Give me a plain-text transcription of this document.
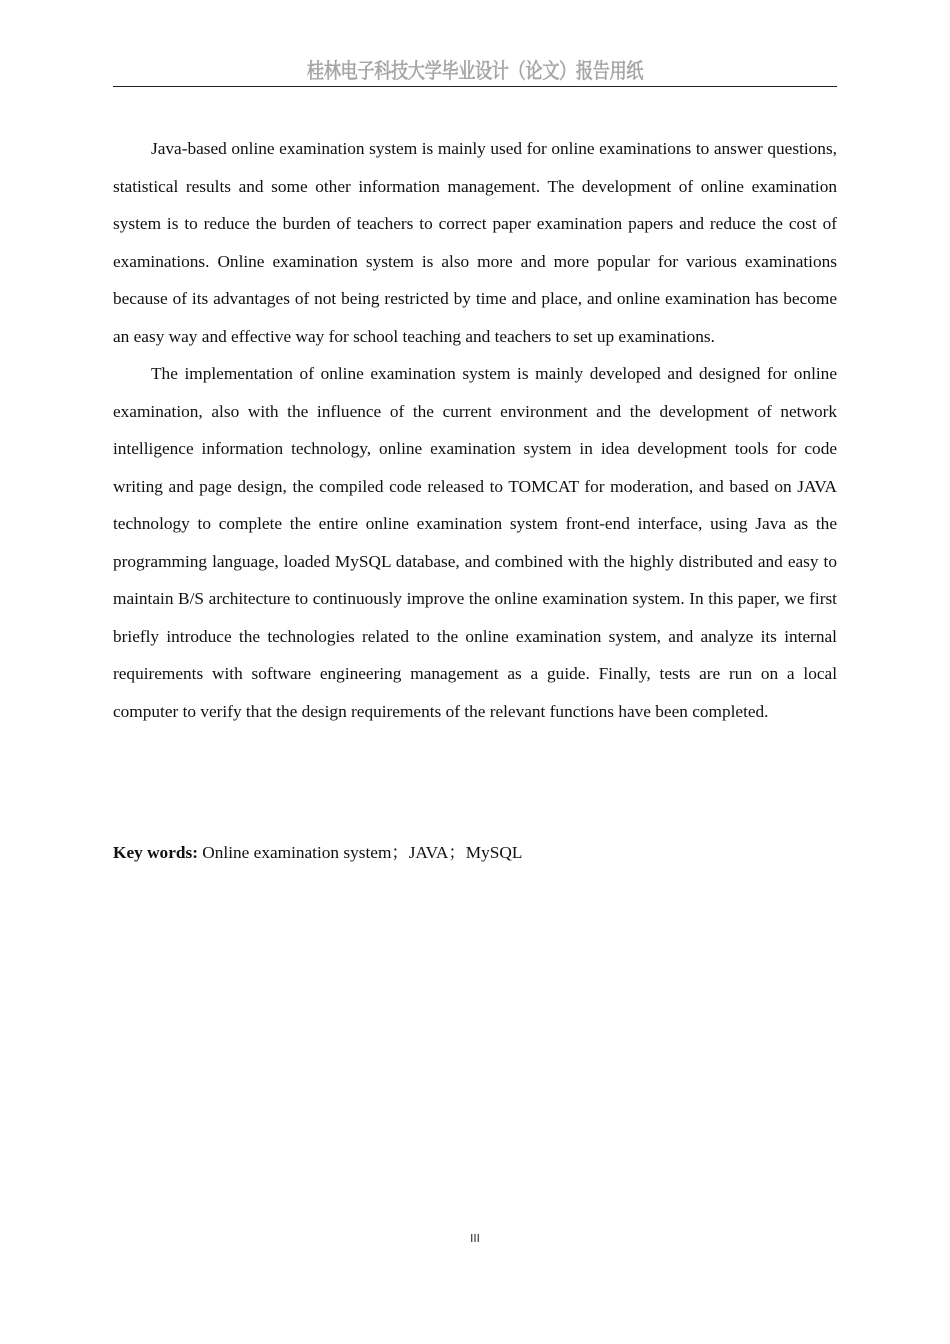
桂林电子科技大学毕业设计（论文）报告用纸

Java-based online examination system is mainly used for online examinations to answer questions, statistical results and some other information management. The development of online examination system is to reduce the burden of teachers to correct paper examination papers and reduce the cost of examinations. Online examination system is also more and more popular for various examinations because of its advantages of not being restricted by time and place, and online examination has become an easy way and effective way for school teaching and teachers to set up examinations.

The implementation of online examination system is mainly developed and designed for online examination, also with the influence of the current environment and the development of network intelligence information technology, online examination system in idea development tools for code writing and page design, the compiled code released to TOMCAT for moderation, and based on JAVA technology to complete the entire online examination system front-end interface, using Java as the programming language, loaded MySQL database, and combined with the highly distributed and easy to maintain B/S architecture to continuously improve the online examination system. In this paper, we first briefly introduce the technologies related to the online examination system, and analyze its internal requirements with software engineering management as a guide. Finally, tests are run on a local computer to verify that the design requirements of the relevant functions have been completed.

Key words: Online examination system；JAVA；MySQL
III
